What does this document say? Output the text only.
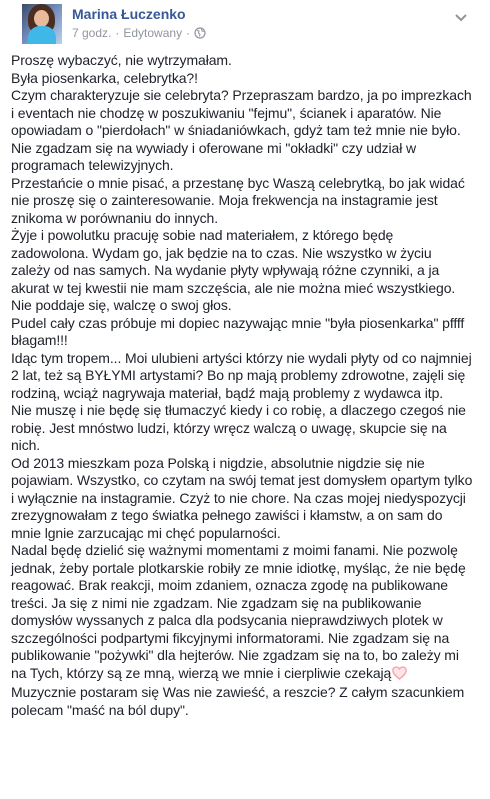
Marina Łuczenko
7 godz. · Edytowany ·

Proszę wybaczyć, nie wytrzymałam.

Była piosenkarka, celebrytka?!

Czym charakteryzuje sie celebryta? Przepraszam bardzo, ja po imprezkach
i eventach nie chodzę w poszukiwaniu "fejmu", ścianek i aparatów. Nie
opowiadam o "pierdołach" w śniadaniówkach, gdyż tam też mnie nie było.
Nie zgadzam się na wywiady i oferowane mi "okładki" czy udział w
programach telewizyjnych.

Przestańcie o mnie pisać, a przestanę byc Waszą celebrytką, bo jak widać
nie proszę się o zainteresowanie. Moja frekwencja na instagramie jest
znikoma w porównaniu do innych.

Żyje i powolutku pracuję sobie nad materiałem, z którego będę
zadowolona. Wydam go, jak będzie na to czas. Nie wszystko w życiu
zależy od nas samych. Na wydanie płyty wpływają różne czynniki, a ja
akurat w tej kwestii nie mam szczęścia, ale nie można mieć wszystkiego.
Nie poddaje się, walczę o swoj głos.

Pudel cały czas próbuje mi dopiec nazywając mnie "była piosenkarka" pffff
błagam!!!

Idąc tym tropem... Moi ulubieni artyści którzy nie wydali płyty od co najmniej
2 lat, też są BYŁYMI artystami? Bo np mają problemy zdrowotne, zajęli się
rodziną, wciąż nagrywaja materiał, bądź mają problemy z wydawca itp.
Nie muszę i nie będę się tłumaczyć kiedy i co robię, a dlaczego czegoś nie
robię. Jest mnóstwo ludzi, którzy wręcz walczą o uwagę, skupcie się na
nich.

Od 2013 mieszkam poza Polską i nigdzie, absolutnie nigdzie się nie
pojawiam. Wszystko, co czytam na swój temat jest domysłem opartym tylko
i wyłącznie na instagramie. Czyż to nie chore. Na czas mojej niedyspozycji
zrezygnowałam z tego światka pełnego zawiści i kłamstw, a on sam do
mnie lgnie zarzucając mi chęć popularności.

Nadal będę dzielić się ważnymi momentami z moimi fanami. Nie pozwolę
jednak, żeby portale plotkarskie robiły ze mnie idiotkę, myśląc, że nie będę
reagować. Brak reakcji, moim zdaniem, oznacza zgodę na publikowane
treści. Ja się z nimi nie zgadzam. Nie zgadzam się na publikowanie
domysłów wyssanych z palca dla podsycania nieprawdziwych plotek w
szczególności podpartymi fikcyjnymi informatorami. Nie zgadzam się na
publikowanie "pożywki" dla hejterów. Nie zgadzam się na to, bo zależy mi
na Tych, którzy są ze mną, wierzą we mnie i cierpliwie czekają

Muzycznie postaram się Was nie zawieść, a reszcie? Z całym szacunkiem
polecam "maść na ból dupy".
